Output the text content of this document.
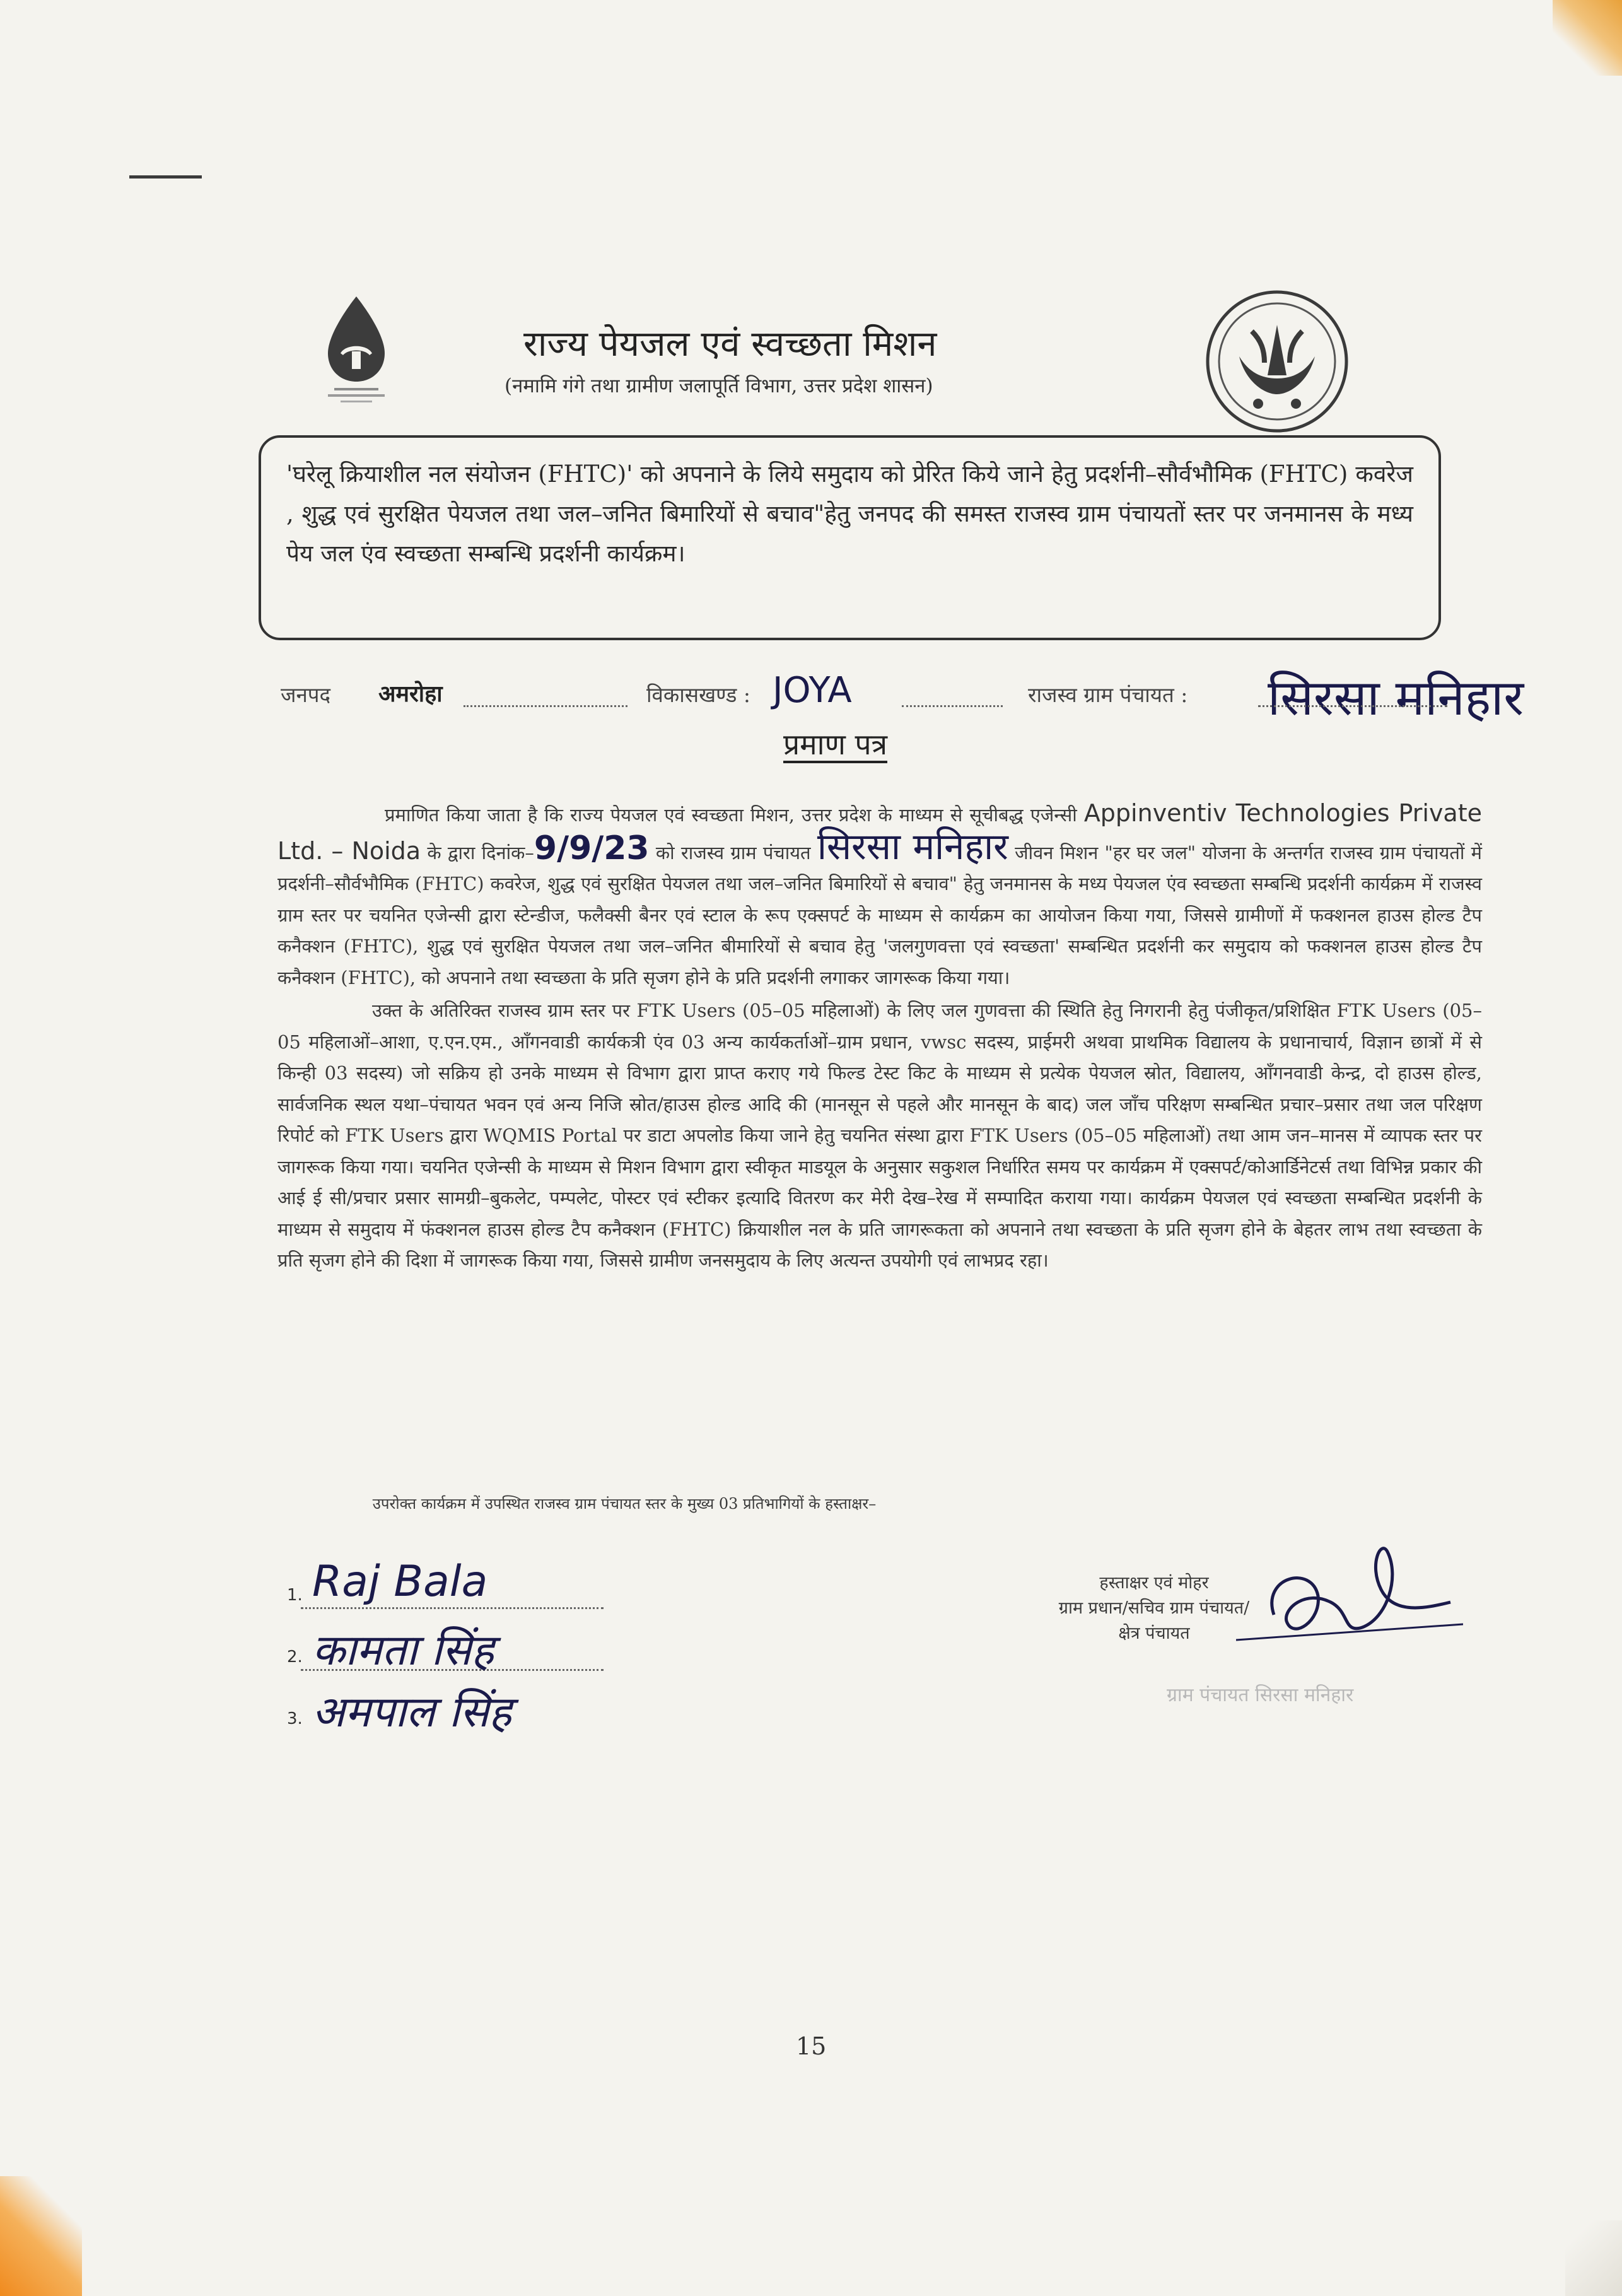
राज्य पेयजल एवं स्वच्छता मिशन
(नमामि गंगे तथा ग्रामीण जलापूर्ति विभाग, उत्तर प्रदेश शासन)
'घरेलू क्रियाशील नल संयोजन (FHTC)' को अपनाने के लिये समुदाय को प्रेरित किये जाने हेतु प्रदर्शनी–सौर्वभौमिक (FHTC) कवरेज , शुद्ध एवं सुरक्षित पेयजल तथा जल–जनित बिमारियों से बचाव"हेतु जनपद की समस्त राजस्व ग्राम पंचायतों स्तर पर जनमानस के मध्य पेय जल एंव स्वच्छता सम्बन्धि प्रदर्शनी कार्यक्रम।
जनपद अमरोहा	विकासखण्ड : JOYA	राजस्व ग्राम पंचायत : सिरसा मनिहार
प्रमाण पत्र

प्रमाणित किया जाता है कि राज्य पेयजल एवं स्वच्छता मिशन, उत्तर प्रदेश के माध्यम से सूचीबद्ध एजेन्सी Appinventiv Technologies Private Ltd. – Noida के द्वारा दिनांक–9/9/23 को राजस्व ग्राम पंचायत सिरसा मनिहार जीवन मिशन "हर घर जल" योजना के अन्तर्गत राजस्व ग्राम पंचायतों में प्रदर्शनी–सौर्वभौमिक (FHTC) कवरेज, शुद्ध एवं सुरक्षित पेयजल तथा जल–जनित बिमारियों से बचाव" हेतु जनमानस के मध्य पेयजल एंव स्वच्छता सम्बन्धि प्रदर्शनी कार्यक्रम में राजस्व ग्राम स्तर पर चयनित एजेन्सी द्वारा स्टेन्डीज, फलैक्सी बैनर एवं स्टाल के रूप एक्सपर्ट के माध्यम से कार्यक्रम का आयोजन किया गया, जिससे ग्रामीणों में फक्शनल हाउस होल्ड टैप कनैक्शन (FHTC), शुद्ध एवं सुरक्षित पेयजल तथा जल–जनित बीमारियों से बचाव हेतु 'जलगुणवत्ता एवं स्वच्छता' सम्बन्धित प्रदर्शनी कर समुदाय को फक्शनल हाउस होल्ड टैप कनैक्शन (FHTC), को अपनाने तथा स्वच्छता के प्रति सृजग होने के प्रति प्रदर्शनी लगाकर जागरूक किया गया।

उक्त के अतिरिक्त राजस्व ग्राम स्तर पर FTK Users (05–05 महिलाओं) के लिए जल गुणवत्ता की स्थिति हेतु निगरानी हेतु पंजीकृत/प्रशिक्षित FTK Users (05–05 महिलाओं–आशा, ए.एन.एम., आँगनवाडी कार्यकत्री एंव 03 अन्य कार्यकर्ताओं–ग्राम प्रधान, vwsc सदस्य, प्राईमरी अथवा प्राथमिक विद्यालय के प्रधानाचार्य, विज्ञान छात्रों में से किन्ही 03 सदस्य) जो सक्रिय हो उनके माध्यम से विभाग द्वारा प्राप्त कराए गये फिल्ड टेस्ट किट के माध्यम से प्रत्येक पेयजल स्रोत, विद्यालय, आँगनवाडी केन्द्र, दो हाउस होल्ड, सार्वजनिक स्थल यथा–पंचायत भवन एवं अन्य निजि स्रोत/हाउस होल्ड आदि की (मानसून से पहले और मानसून के बाद) जल जाँच परिक्षण सम्बन्धित प्रचार–प्रसार तथा जल परिक्षण रिपोर्ट को FTK Users द्वारा WQMIS Portal पर डाटा अपलोड किया जाने हेतु चयनित संस्था द्वारा FTK Users (05–05 महिलाओं) तथा आम जन–मानस में व्यापक स्तर पर जागरूक किया गया। चयनित एजेन्सी के माध्यम से मिशन विभाग द्वारा स्वीकृत माडयूल के अनुसार सकुशल निर्धारित समय पर कार्यक्रम में एक्सपर्ट/कोआर्डिनेटर्स तथा विभिन्न प्रकार की आई ई सी/प्रचार प्रसार सामग्री–बुकलेट, पम्पलेट, पोस्टर एवं स्टीकर इत्यादि वितरण कर मेरी देख–रेख में सम्पादित कराया गया। कार्यक्रम पेयजल एवं स्वच्छता सम्बन्धित प्रदर्शनी के माध्यम से समुदाय में फंक्शनल हाउस होल्ड टैप कनैक्शन (FHTC) क्रियाशील नल के प्रति जागरूकता को अपनाने तथा स्वच्छता के प्रति सृजग होने के बेहतर लाभ तथा स्वच्छता के प्रति सृजग होने की दिशा में जागरूक किया गया, जिससे ग्रामीण जनसमुदाय के लिए अत्यन्त उपयोगी एवं लाभप्रद रहा।

उपरोक्त कार्यक्रम में उपस्थित राजस्व ग्राम पंचायत स्तर के मुख्य 03 प्रतिभागियों के हस्ताक्षर–
1. Raj Bala
2. कामता सिंह
3. अमपाल सिंह
हस्ताक्षर एवं मोहर
ग्राम प्रधान/सचिव ग्राम पंचायत/
क्षेत्र पंचायत
ग्राम पंचायत सिरसा मनिहार
15
